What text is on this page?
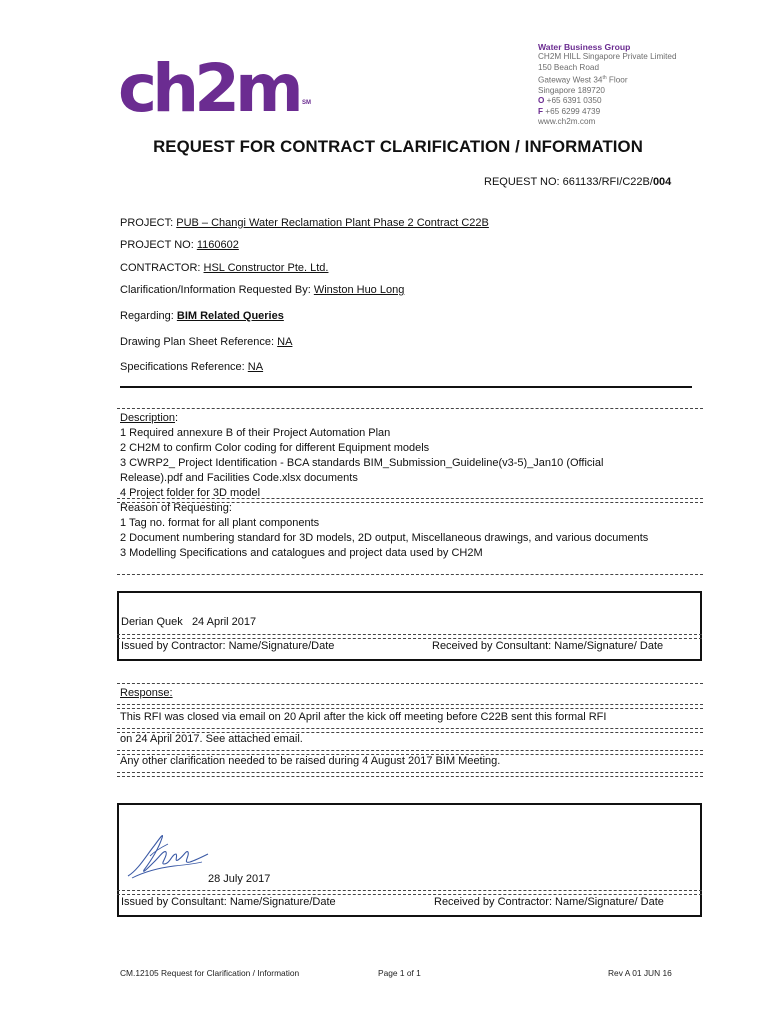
ch2m SM
Water Business Group
CH2M HILL Singapore Private Limited
150 Beach Road
Gateway West 34th Floor
Singapore 189720
O +65 6391 0350
F +65 6299 4739
www.ch2m.com
REQUEST FOR CONTRACT CLARIFICATION / INFORMATION
REQUEST NO: 661133/RFI/C22B/004
PROJECT: PUB – Changi Water Reclamation Plant Phase 2 Contract C22B
PROJECT NO: 1160602
CONTRACTOR: HSL Constructor Pte. Ltd.
Clarification/Information Requested By: Winston Huo Long
Regarding: BIM Related Queries
Drawing Plan Sheet Reference: NA
Specifications Reference: NA
Description:
1 Required annexure B of their Project Automation Plan
2 CH2M to confirm Color coding for different Equipment models
3 CWRP2_ Project Identification - BCA standards BIM_Submission_Guideline(v3-5)_Jan10 (Official
Release).pdf and Facilities Code.xlsx documents
4 Project folder for 3D model
Reason of Requesting:
1 Tag no. format for all plant components
2 Document numbering standard for 3D models, 2D output, Miscellaneous drawings, and various documents
3 Modelling Specifications and catalogues and project data used by CH2M
Derian Quek 24 April 2017
Issued by Contractor: Name/Signature/Date	Received by Consultant: Name/Signature/ Date
Response:
This RFI was closed via email on 20 April after the kick off meeting before C22B sent this formal RFI
on 24 April 2017. See attached email.
Any other clarification needed to be raised during 4 August 2017 BIM Meeting.
28 July 2017
Issued by Consultant: Name/Signature/Date	Received by Contractor: Name/Signature/ Date
CM.12105 Request for Clarification / Information	Page 1 of 1	Rev A 01 JUN 16
